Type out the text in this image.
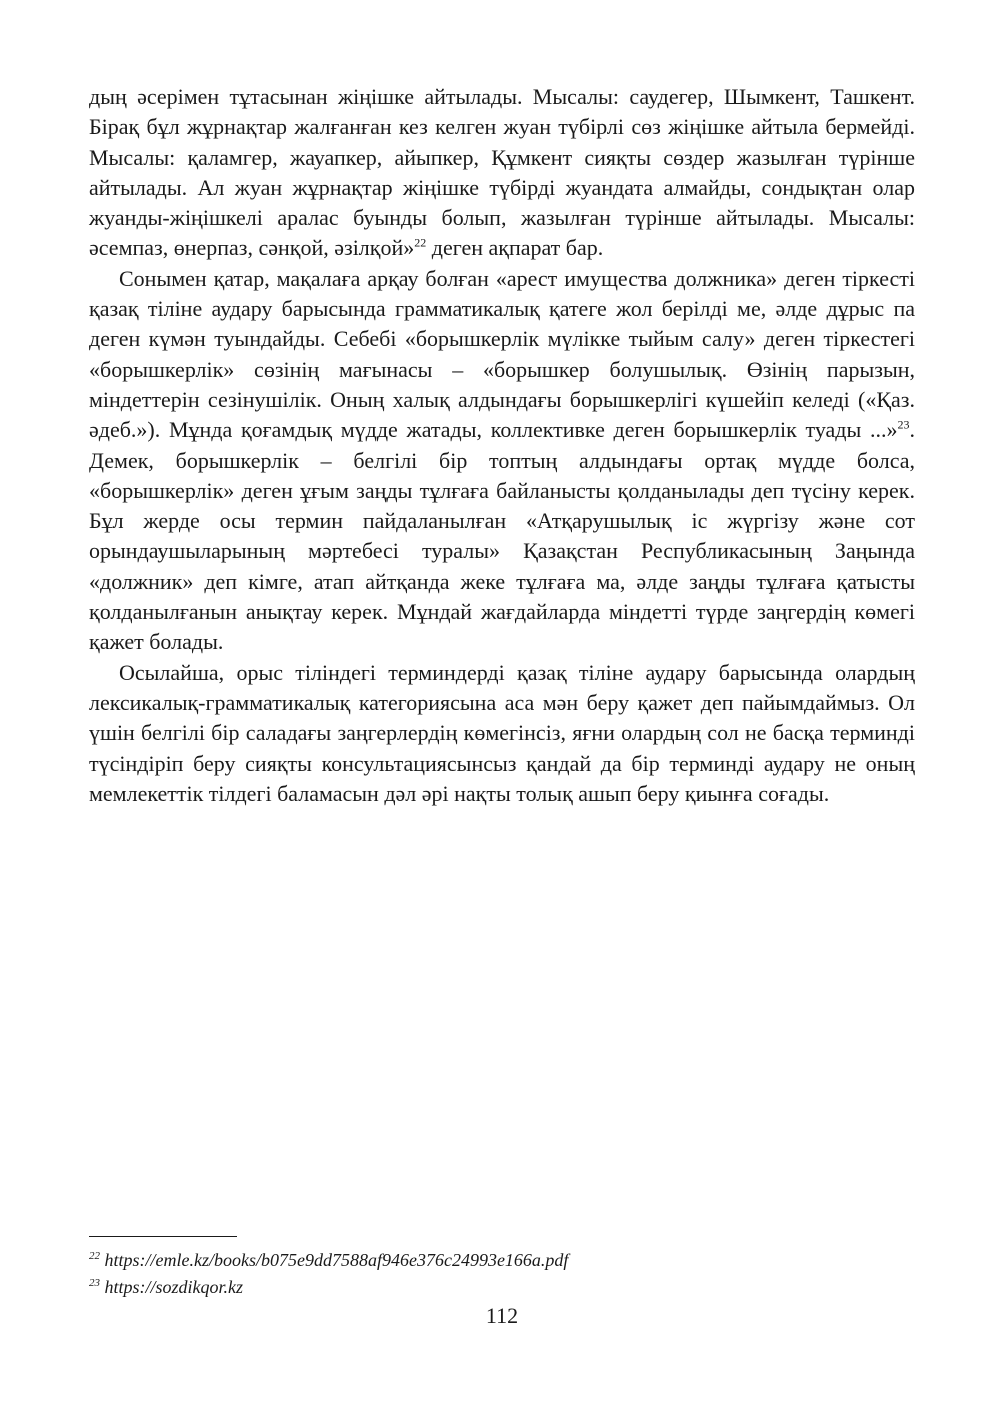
дың әсерімен тұтасынан жіңішке айтылады. Мысалы: саудегер, Шымкент, Ташкент. Бірақ бұл жұрнақтар жалғанған кез келген жуан түбірлі сөз жіңішке айтыла бермейді. Мысалы: қаламгер, жауапкер, айыпкер, Құмкент сияқты сөздер жазылған түрінше айтылады. Ал жуан жұрнақтар жіңішке түбірді жуандата алмайды, сондықтан олар жуанды-жіңішкелі аралас буынды болып, жазылған түрінше айтылады. Мысалы: әсемпаз, өнерпаз, сәнқой, әзілқой»$^{22}$ деген ақпарат бар.

Сонымен қатар, мақалаға арқау болған «арест имущества должника» деген тіркесті қазақ тіліне аудару барысында грамматикалық қатеге жол берілді ме, әлде дұрыс па деген күмән туындайды. Себебі «борышкерлік мүлікке тыйым салу» деген тіркестегі «борышкерлік» сөзінің мағынасы – «борышкер болушылық. Өзінің парызын, міндеттерін сезінушілік. Оның халық алдындағы борышкерлігі күшейіп келеді («Қаз. әдеб.»). Мұнда қоғамдық мүдде жатады, коллективке деген борышкерлік туады ...»$^{23}$. Демек, борышкерлік – белгілі бір топтың алдындағы ортақ мүдде болса, «борышкерлік» деген ұғым заңды тұлғаға байланысты қолданылады деп түсіну керек. Бұл жерде осы термин пайдаланылған «Атқарушылық іс жүргізу және сот орындаушыларының мәртебесі туралы» Қазақстан Республикасының Заңында «должник» деп кімге, атап айтқанда жеке тұлғаға ма, әлде заңды тұлғаға қатысты қолданылғанын анықтау керек. Мұндай жағдайларда міндетті түрде заңгердің көмегі қажет болады.

Осылайша, орыс тіліндегі терминдерді қазақ тіліне аудару барысында олардың лексикалық-грамматикалық категориясына аса мән беру қажет деп пайымдаймыз. Ол үшін белгілі бір саладағы заңгерлердің көмегінсіз, яғни олардың сол не басқа терминді түсіндіріп беру сияқты консультациясынсыз қандай да бір терминді аудару не оның мемлекеттік тілдегі баламасын дәл әрі нақты толық ашып беру қиынға соғады.

$^{22}$ https://emle.kz/books/b075e9dd7588af946e376c24993e166a.pdf

$^{23}$ https://sozdikqor.kz

112
